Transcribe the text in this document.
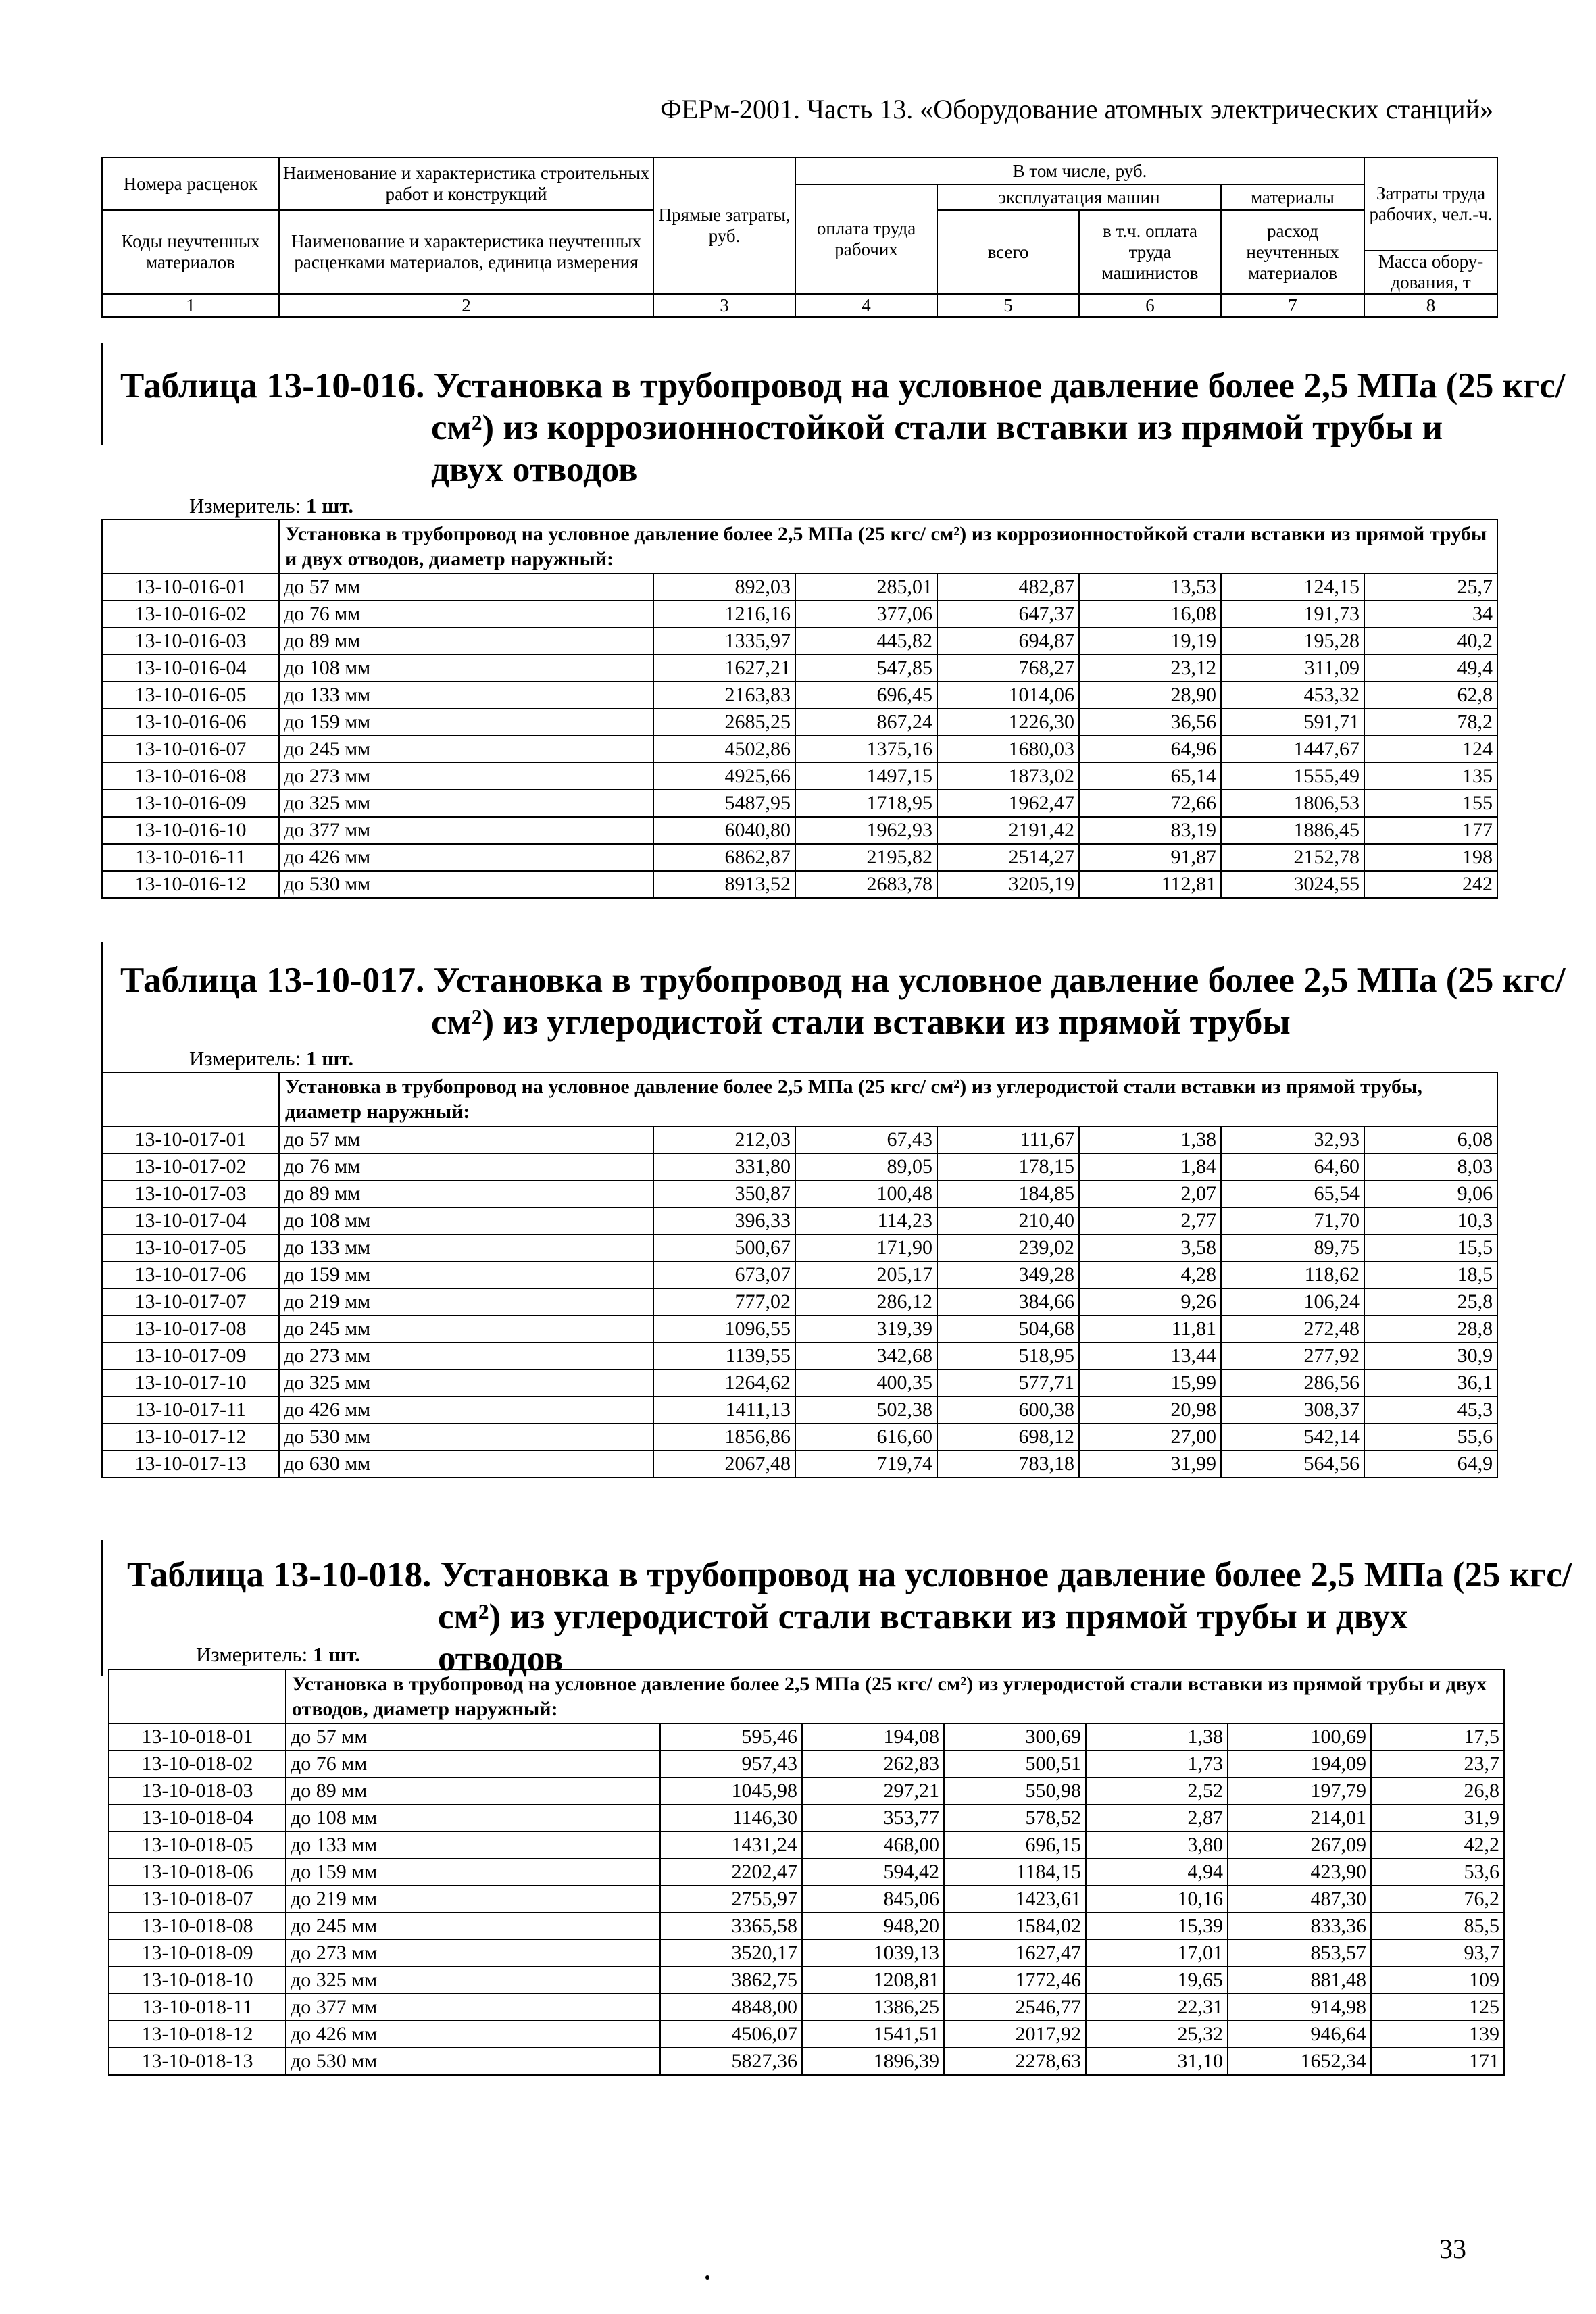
ФЕРм-2001. Часть 13. «Оборудование атомных электрических станций»
Номера расценок	Наименование и характеристика строительных работ и конструкций	Прямые затраты, руб.	В том числе, руб.				Затраты труда рабочих, чел.-ч.
			оплата труда рабочих	эксплуатация машин		материалы	
Коды неучтенных материалов	Наименование и характеристика неучтенных расценками материалов, единица измерения			всего	в т.ч. оплата труда машинистов	расход неучтенных материалов	
							Масса обору-дования, т
1	2	3	4	5	6	7	8
Таблица 13-10-016. Установка в трубопровод на условное давление более 2,5 МПа (25 кгс/
см²) из коррозионностойкой стали вставки из прямой трубы и двух отводов
Измеритель: 1 шт.
	Установка в трубопровод на условное давление более 2,5 МПа (25 кгс/ см²) из коррозионностойкой стали вставки из прямой трубы и двух отводов, диаметр наружный:						
13-10-016-01	до 57 мм	892,03	285,01	482,87	13,53	124,15	25,7
13-10-016-02	до 76 мм	1216,16	377,06	647,37	16,08	191,73	34
13-10-016-03	до 89 мм	1335,97	445,82	694,87	19,19	195,28	40,2
13-10-016-04	до 108 мм	1627,21	547,85	768,27	23,12	311,09	49,4
13-10-016-05	до 133 мм	2163,83	696,45	1014,06	28,90	453,32	62,8
13-10-016-06	до 159 мм	2685,25	867,24	1226,30	36,56	591,71	78,2
13-10-016-07	до 245 мм	4502,86	1375,16	1680,03	64,96	1447,67	124
13-10-016-08	до 273 мм	4925,66	1497,15	1873,02	65,14	1555,49	135
13-10-016-09	до 325 мм	5487,95	1718,95	1962,47	72,66	1806,53	155
13-10-016-10	до 377 мм	6040,80	1962,93	2191,42	83,19	1886,45	177
13-10-016-11	до 426 мм	6862,87	2195,82	2514,27	91,87	2152,78	198
13-10-016-12	до 530 мм	8913,52	2683,78	3205,19	112,81	3024,55	242
Таблица 13-10-017. Установка в трубопровод на условное давление более 2,5 МПа (25 кгс/
см²) из углеродистой стали вставки из прямой трубы
Измеритель: 1 шт.
	Установка в трубопровод на условное давление более 2,5 МПа (25 кгс/ см²) из углеродистой стали вставки из прямой трубы, диаметр наружный:						
13-10-017-01	до 57 мм	212,03	67,43	111,67	1,38	32,93	6,08
13-10-017-02	до 76 мм	331,80	89,05	178,15	1,84	64,60	8,03
13-10-017-03	до 89 мм	350,87	100,48	184,85	2,07	65,54	9,06
13-10-017-04	до 108 мм	396,33	114,23	210,40	2,77	71,70	10,3
13-10-017-05	до 133 мм	500,67	171,90	239,02	3,58	89,75	15,5
13-10-017-06	до 159 мм	673,07	205,17	349,28	4,28	118,62	18,5
13-10-017-07	до 219 мм	777,02	286,12	384,66	9,26	106,24	25,8
13-10-017-08	до 245 мм	1096,55	319,39	504,68	11,81	272,48	28,8
13-10-017-09	до 273 мм	1139,55	342,68	518,95	13,44	277,92	30,9
13-10-017-10	до 325 мм	1264,62	400,35	577,71	15,99	286,56	36,1
13-10-017-11	до 426 мм	1411,13	502,38	600,38	20,98	308,37	45,3
13-10-017-12	до 530 мм	1856,86	616,60	698,12	27,00	542,14	55,6
13-10-017-13	до 630 мм	2067,48	719,74	783,18	31,99	564,56	64,9
Таблица 13-10-018. Установка в трубопровод на условное давление более 2,5 МПа (25 кгс/
см²) из углеродистой стали вставки из прямой трубы и двух отводов
Измеритель: 1 шт.
	Установка в трубопровод на условное давление более 2,5 МПа (25 кгс/ см²) из углеродистой стали вставки из прямой трубы и двух отводов, диаметр наружный:						
13-10-018-01	до 57 мм	595,46	194,08	300,69	1,38	100,69	17,5
13-10-018-02	до 76 мм	957,43	262,83	500,51	1,73	194,09	23,7
13-10-018-03	до 89 мм	1045,98	297,21	550,98	2,52	197,79	26,8
13-10-018-04	до 108 мм	1146,30	353,77	578,52	2,87	214,01	31,9
13-10-018-05	до 133 мм	1431,24	468,00	696,15	3,80	267,09	42,2
13-10-018-06	до 159 мм	2202,47	594,42	1184,15	4,94	423,90	53,6
13-10-018-07	до 219 мм	2755,97	845,06	1423,61	10,16	487,30	76,2
13-10-018-08	до 245 мм	3365,58	948,20	1584,02	15,39	833,36	85,5
13-10-018-09	до 273 мм	3520,17	1039,13	1627,47	17,01	853,57	93,7
13-10-018-10	до 325 мм	3862,75	1208,81	1772,46	19,65	881,48	109
13-10-018-11	до 377 мм	4848,00	1386,25	2546,77	22,31	914,98	125
13-10-018-12	до 426 мм	4506,07	1541,51	2017,92	25,32	946,64	139
13-10-018-13	до 530 мм	5827,36	1896,39	2278,63	31,10	1652,34	171
33
